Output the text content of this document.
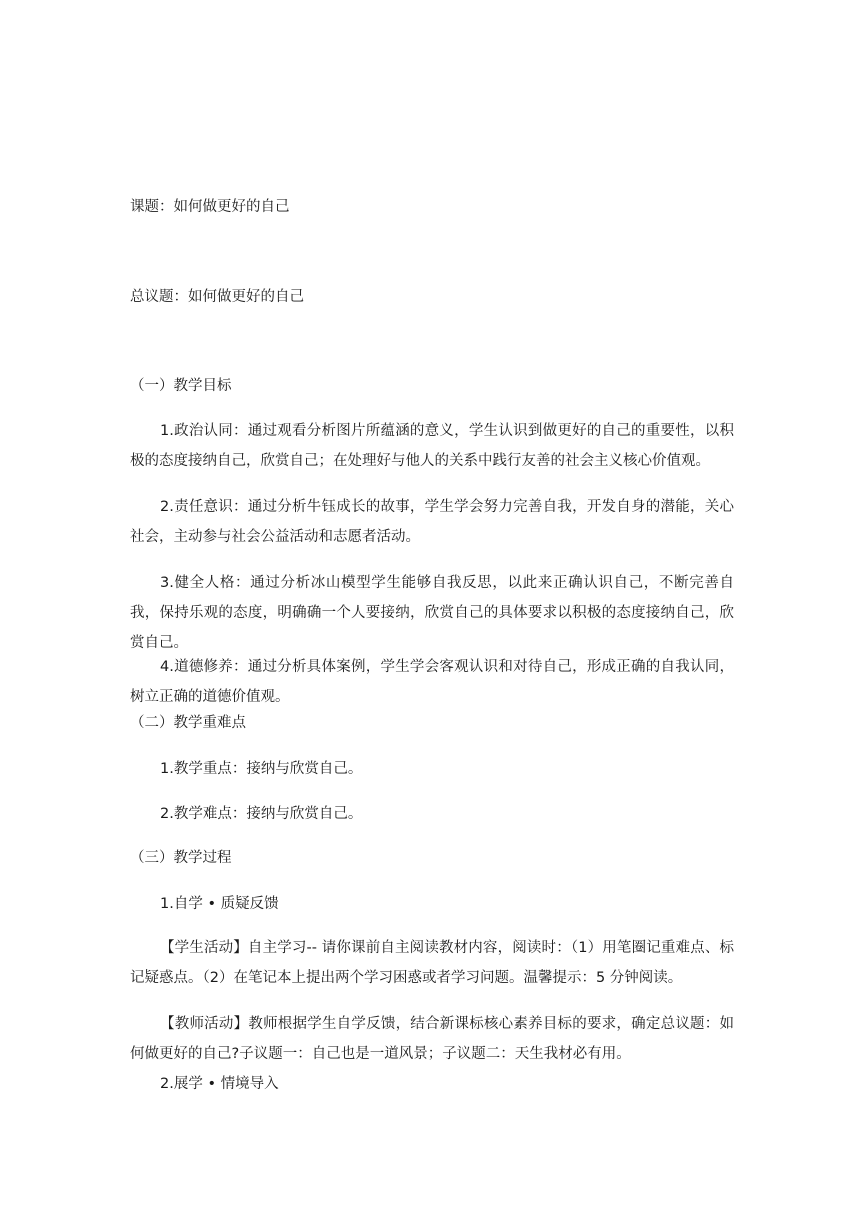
课题：如何做更好的自己
总议题：如何做更好的自己
（一）教学目标
1.政治认同：通过观看分析图片所蕴涵的意义，学生认识到做更好的自己的重要性，以积极的态度接纳自己，欣赏自己；在处理好与他人的关系中践行友善的社会主义核心价值观。
2.责任意识：通过分析牛钰成长的故事，学生学会努力完善自我，开发自身的潜能，关心社会，主动参与社会公益活动和志愿者活动。
3.健全人格：通过分析冰山模型学生能够自我反思，以此来正确认识自己，不断完善自我，保持乐观的态度，明确确一个人要接纳，欣赏自己的具体要求以积极的态度接纳自己，欣赏自己。
4.道德修养：通过分析具体案例，学生学会客观认识和对待自己，形成正确的自我认同，树立正确的道德价值观。
（二）教学重难点
1.教学重点：接纳与欣赏自己。
2.教学难点：接纳与欣赏自己。
（三）教学过程
1.自学 • 质疑反馈
【学生活动】自主学习-- 请你课前自主阅读教材内容，阅读时：（1）用笔圈记重难点、标记疑惑点。（2）在笔记本上提出两个学习困惑或者学习问题。温馨提示：5 分钟阅读。
【教师活动】教师根据学生自学反馈，结合新课标核心素养目标的要求，确定总议题：如何做更好的自己?子议题一：自己也是一道风景；子议题二：天生我材必有用。
2.展学 • 情境导入
